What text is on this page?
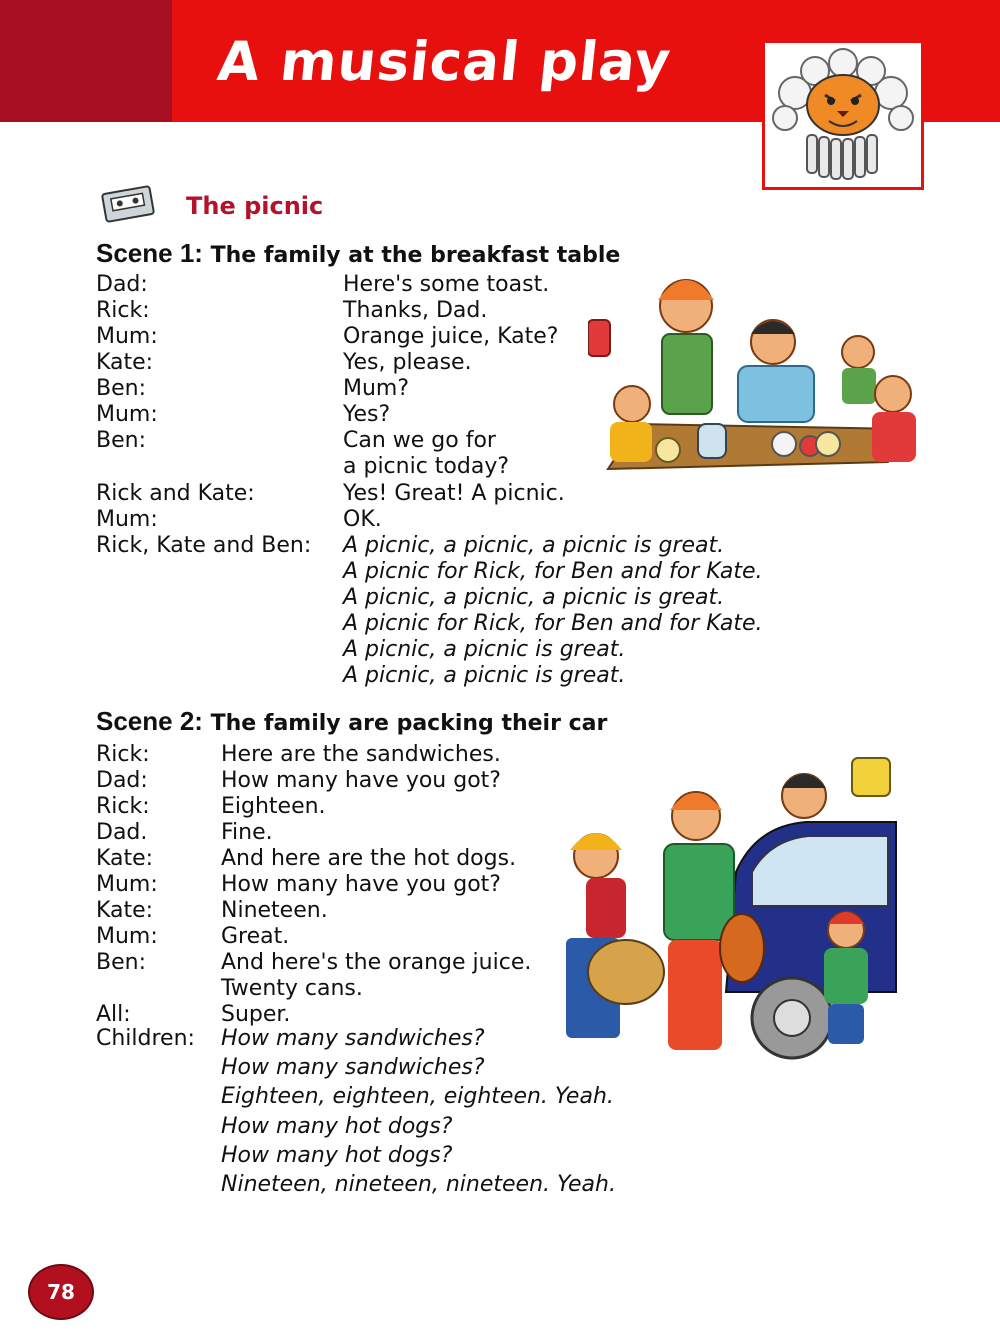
A musical play
The picnic
Scene 1: The family at the breakfast table
Dad:	Here's some toast.
Rick:	Thanks, Dad.
Mum:	Orange juice, Kate?
Kate:	Yes, please.
Ben:	Mum?
Mum:	Yes?
Ben:	Can we go for
a picnic today?
Rick and Kate:	Yes! Great! A picnic.
Mum:	OK.
Rick, Kate and Ben: A picnic, a picnic, a picnic is great.
A picnic for Rick, for Ben and for Kate.
A picnic, a picnic, a picnic is great.
A picnic for Rick, for Ben and for Kate.
A picnic, a picnic is great.
A picnic, a picnic is great.
Scene 2: The family are packing their car
Rick:	Here are the sandwiches.
Dad:	How many have you got?
Rick:	Eighteen.
Dad.	Fine.
Kate:	And here are the hot dogs.
Mum:	How many have you got?
Kate:	Nineteen.
Mum:	Great.
Ben:	And here's the orange juice.
Twenty cans.
All:	Super.
Children: How many sandwiches?
How many sandwiches?
Eighteen, eighteen, eighteen. Yeah.
How many hot dogs?
How many hot dogs?
Nineteen, nineteen, nineteen. Yeah.
78
